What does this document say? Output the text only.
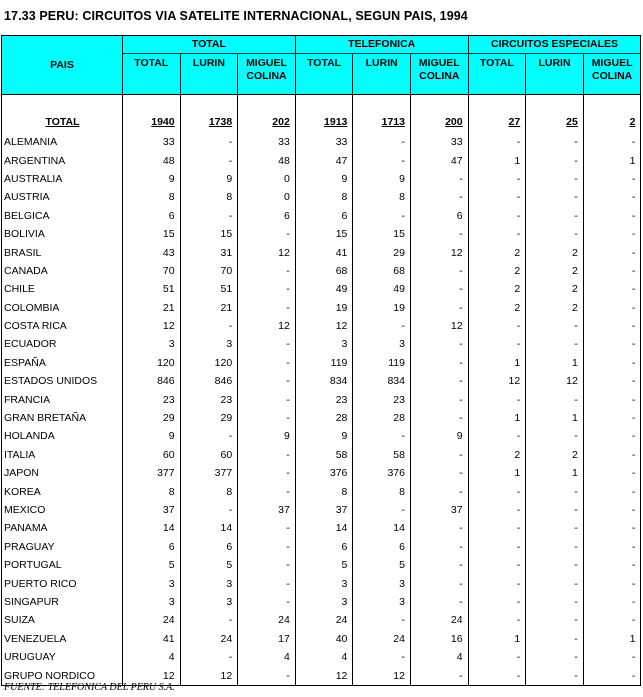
17.33 PERU: CIRCUITOS VIA SATELITE INTERNACIONAL, SEGUN PAIS, 1994
PAIS	TOTAL			TELEFONICA			CIRCUITOS ESPECIALES		
	TOTAL	LURIN	MIGUEL COLINA	TOTAL	LURIN	MIGUEL COLINA	TOTAL	LURIN	MIGUEL COLINA

TOTAL	1940	1738	202	1913	1713	200	27	25	2
ALEMANIA	33	-	33	33	-	33	-	-	-
ARGENTINA	48	-	48	47	-	47	1	-	1
AUSTRALIA	9	9	0	9	9	-	-	-	-
AUSTRIA	8	8	0	8	8	-	-	-	-
BELGICA	6	-	6	6	-	6	-	-	-
BOLIVIA	15	15	-	15	15	-	-	-	-
BRASIL	43	31	12	41	29	12	2	2	-
CANADA	70	70	-	68	68	-	2	2	-
CHILE	51	51	-	49	49	-	2	2	-
COLOMBIA	21	21	-	19	19	-	2	2	-
COSTA RICA	12	-	12	12	-	12	-	-	-
ECUADOR	3	3	-	3	3	-	-	-	-
ESPAÑA	120	120	-	119	119	-	1	1	-
ESTADOS UNIDOS	846	846	-	834	834	-	12	12	-
FRANCIA	23	23	-	23	23	-	-	-	-
GRAN BRETAÑA	29	29	-	28	28	-	1	1	-
HOLANDA	9	-	9	9	-	9	-	-	-
ITALIA	60	60	-	58	58	-	2	2	-
JAPON	377	377	-	376	376	-	1	1	-
KOREA	8	8	-	8	8	-	-	-	-
MEXICO	37	-	37	37	-	37	-	-	-
PANAMA	14	14	-	14	14	-	-	-	-
PRAGUAY	6	6	-	6	6	-	-	-	-
PORTUGAL	5	5	-	5	5	-	-	-	-
PUERTO RICO	3	3	-	3	3	-	-	-	-
SINGAPUR	3	3	-	3	3	-	-	-	-
SUIZA	24	-	24	24	-	24	-	-	-
VENEZUELA	41	24	17	40	24	16	1	-	1
URUGUAY	4	-	4	4	-	4	-	-	-
GRUPO NORDICO	12	12	-	12	12	-	-	-	-
FUENTE: TELEFONICA DEL PERU S.A.
